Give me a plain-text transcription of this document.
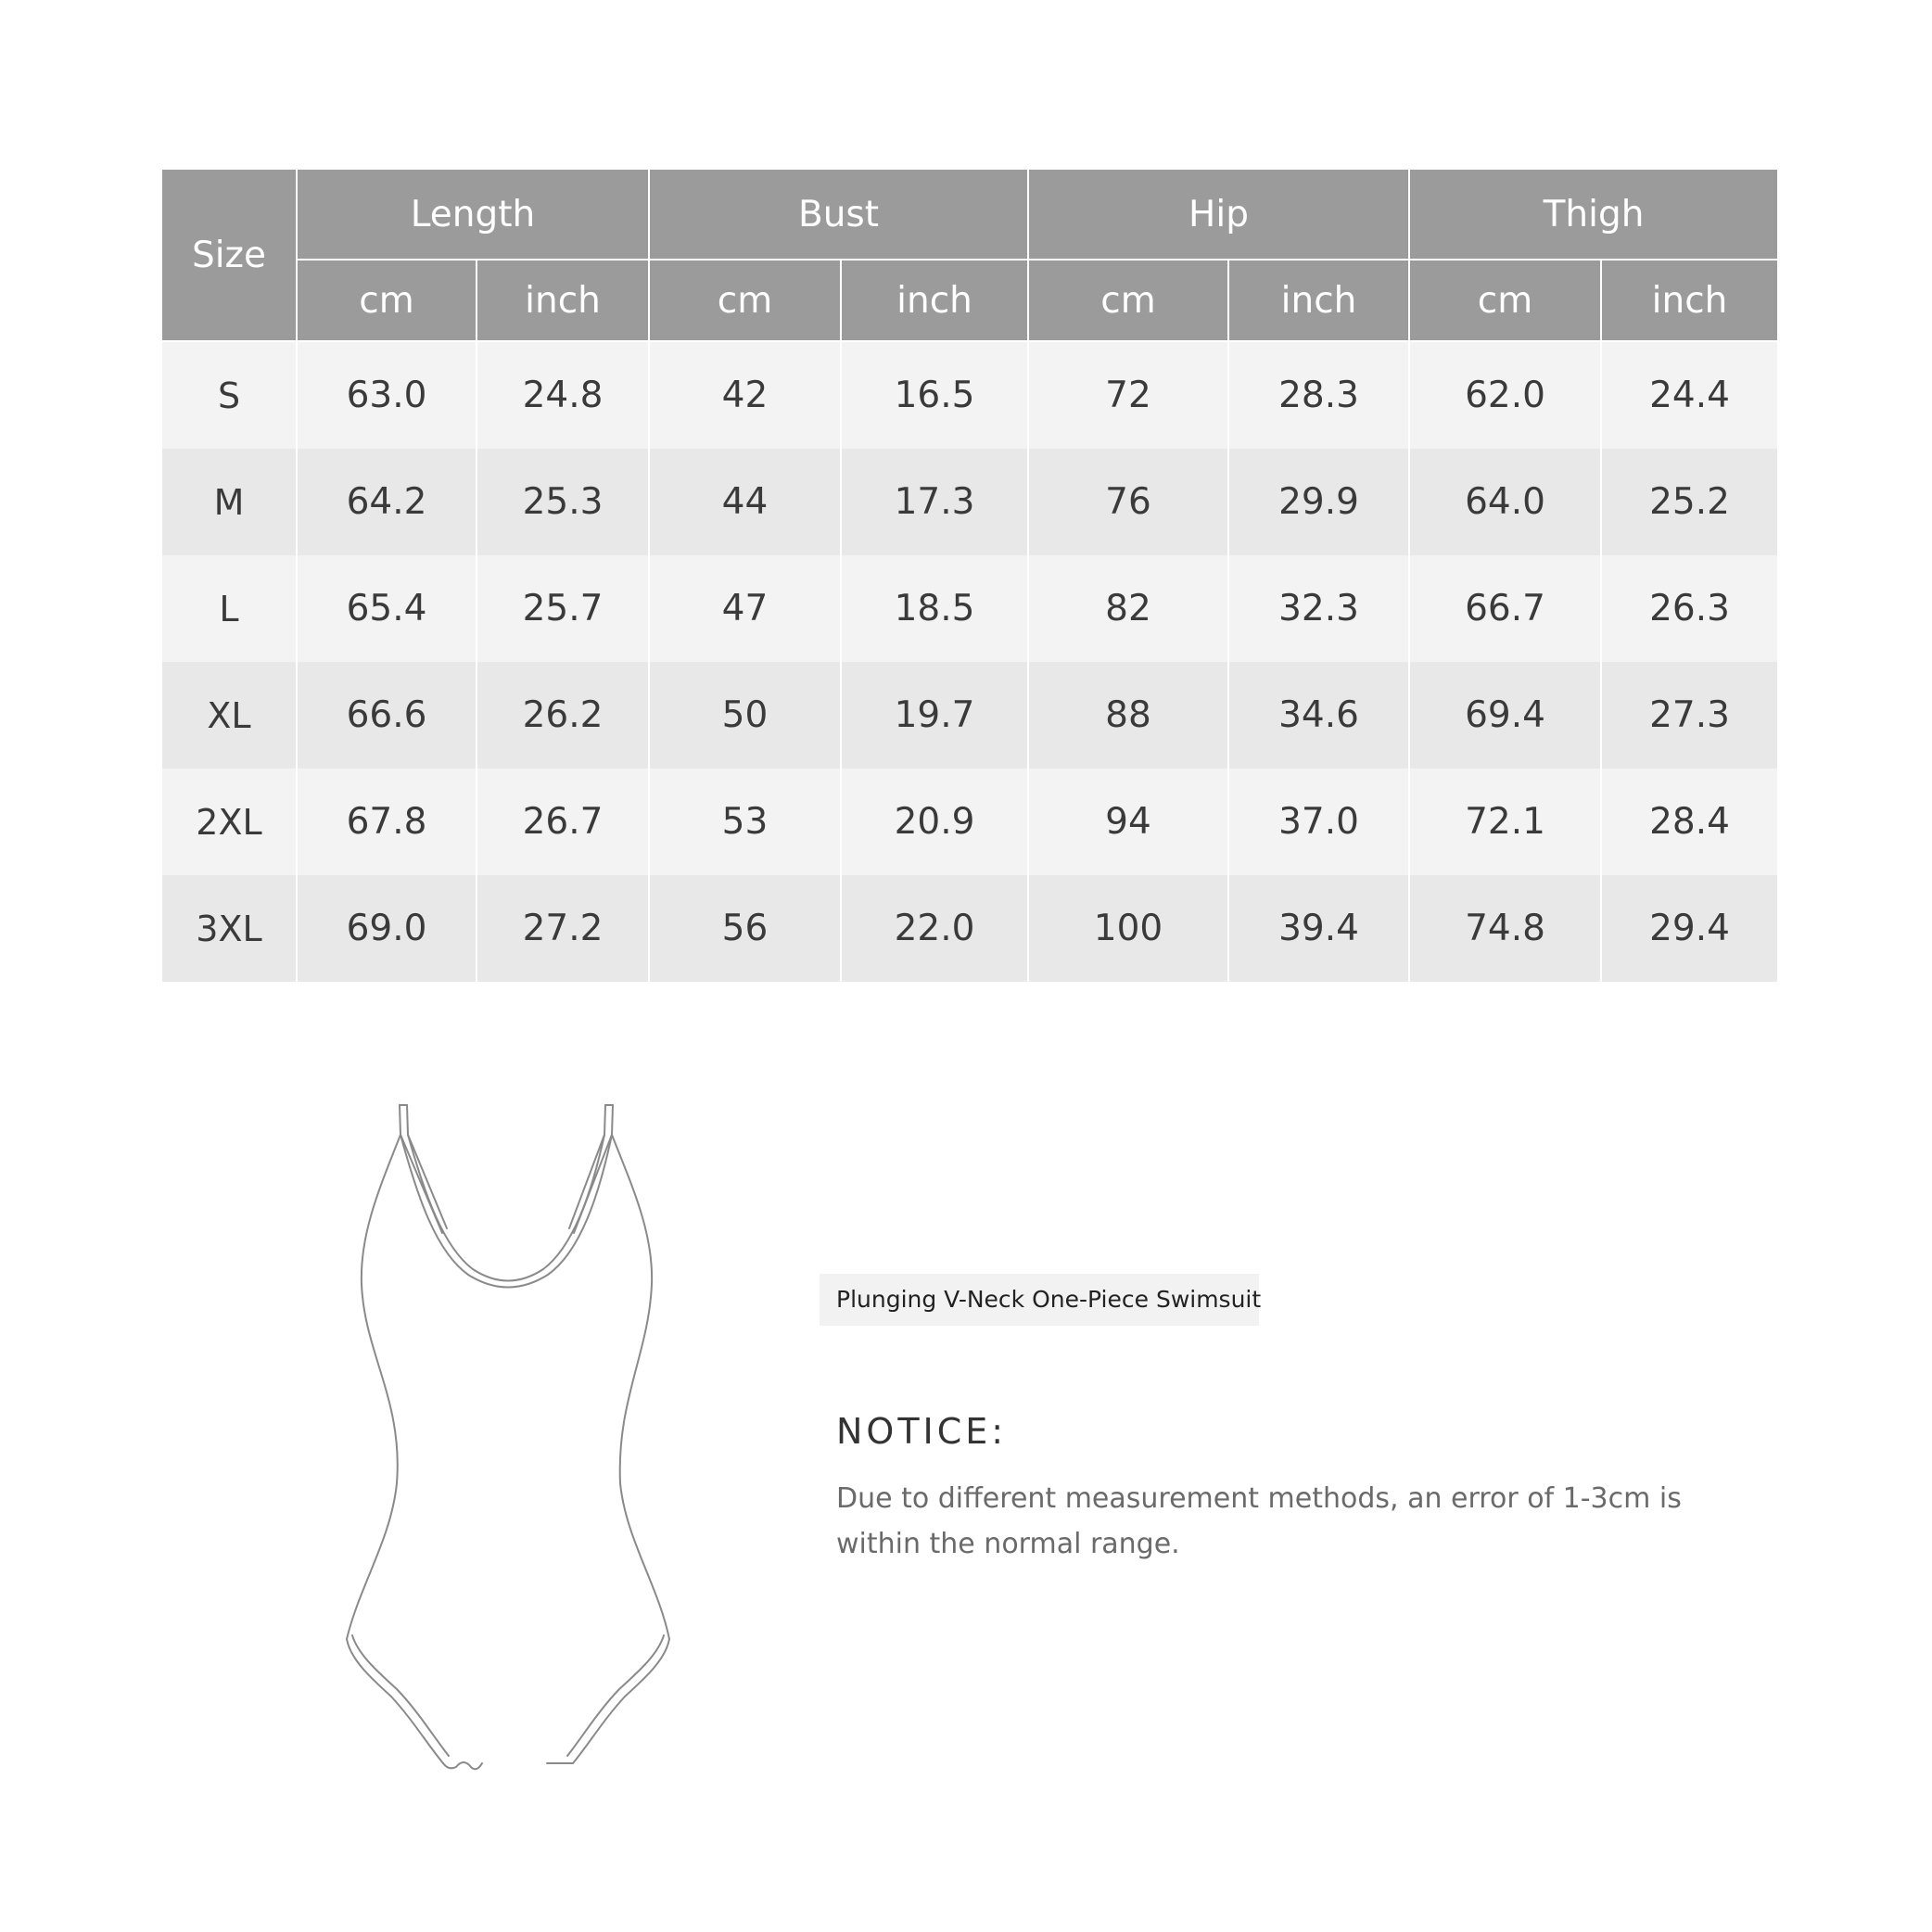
Size	Length		Bust		Hip		Thigh	
	cm	inch	cm	inch	cm	inch	cm	inch
S	63.0	24.8	42	16.5	72	28.3	62.0	24.4
M	64.2	25.3	44	17.3	76	29.9	64.0	25.2
L	65.4	25.7	47	18.5	82	32.3	66.7	26.3
XL	66.6	26.2	50	19.7	88	34.6	69.4	27.3
2XL	67.8	26.7	53	20.9	94	37.0	72.1	28.4
3XL	69.0	27.2	56	22.0	100	39.4	74.8	29.4
Plunging V-Neck One-Piece Swimsuit
NOTICE:
Due to different measurement methods, an error of 1-3cm is within the normal range.
